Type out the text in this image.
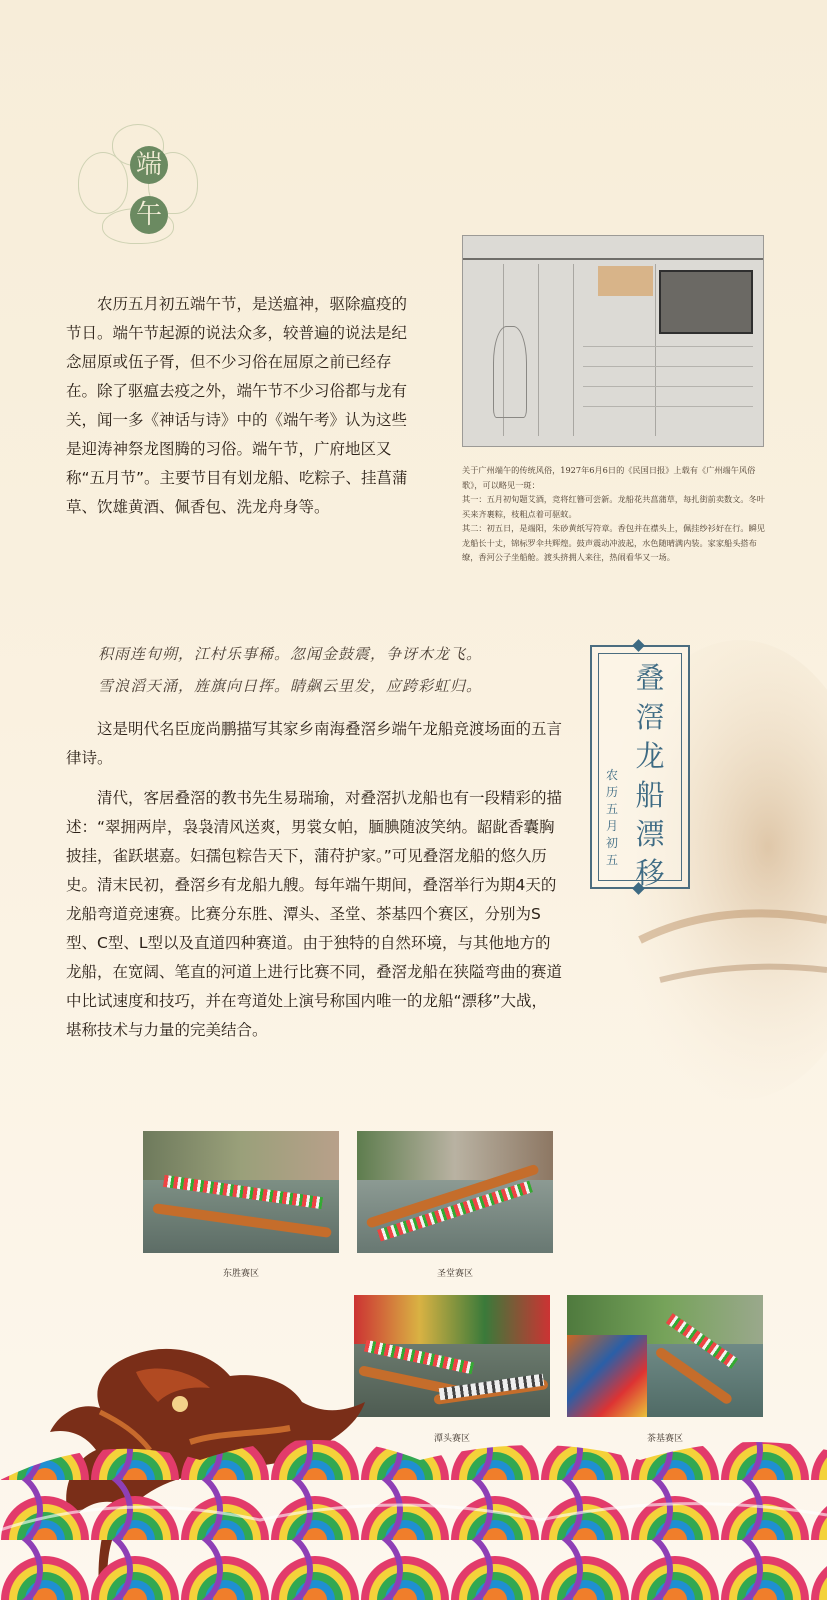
端
午

农历五月初五端午节，是送瘟神，驱除瘟疫的节日。端午节起源的说法众多，较普遍的说法是纪念屈原或伍子胥，但不少习俗在屈原之前已经存在。除了驱瘟去疫之外，端午节不少习俗都与龙有关，闻一多《神话与诗》中的《端午考》认为这些是迎涛神祭龙图腾的习俗。端午节，广府地区又称“五月节”。主要节目有划龙船、吃粽子、挂菖蒲草、饮雄黄酒、佩香包、洗龙舟身等。

关于广州端午的传统风俗，1927年6月6日的《民国日报》上载有《广州端午风俗歌》，可以略见一斑：

其一：五月初旬题艾酒，竞将红簪可尝新。龙船花共菖蒲草，每扎街前卖数文。冬叶买来齐裹粽，枝粗点着可驱蚊。

其二：初五日，是端阳，朱砂黄纸写符章。香包并在襟头上，佩挂纱衫好在行。瞬见龙船长十丈，锦标罗伞共辉煌。鼓声震动冲波起，水色随晴满内装。家家船头搭布缭，香河公子坐船舱。渡头挤拥人来往，热闹看华又一场。

积雨连旬朔，江村乐事稀。忽闻金鼓震，争讶木龙飞。
雪浪滔天涌，旌旗向日挥。睛飙云里发，应跨彩虹归。

这是明代名臣庞尚鹏描写其家乡南海叠滘乡端午龙船竞渡场面的五言律诗。

清代，客居叠滘的教书先生易瑞瑜，对叠滘扒龙船也有一段精彩的描述：“翠拥两岸，袅袅清风送爽，男裳女帕，腼腆随波笑纳。龆龀香囊胸披挂，雀跃堪嘉。妇孺包粽告天下，蒲苻护家。”可见叠滘龙船的悠久历史。清末民初，叠滘乡有龙船九艘。每年端午期间，叠滘举行为期4天的龙船弯道竞速赛。比赛分东胜、潭头、圣堂、茶基四个赛区，分别为S型、C型、L型以及直道四种赛道。由于独特的自然环境，与其他地方的龙船，在宽阔、笔直的河道上进行比赛不同，叠滘龙船在狭隘弯曲的赛道中比试速度和技巧，并在弯道处上演号称国内唯一的龙船“漂移”大战，堪称技术与力量的完美结合。

叠滘龙船漂移
农历五月初五
东胜赛区	圣堂赛区
潭头赛区	茶基赛区
